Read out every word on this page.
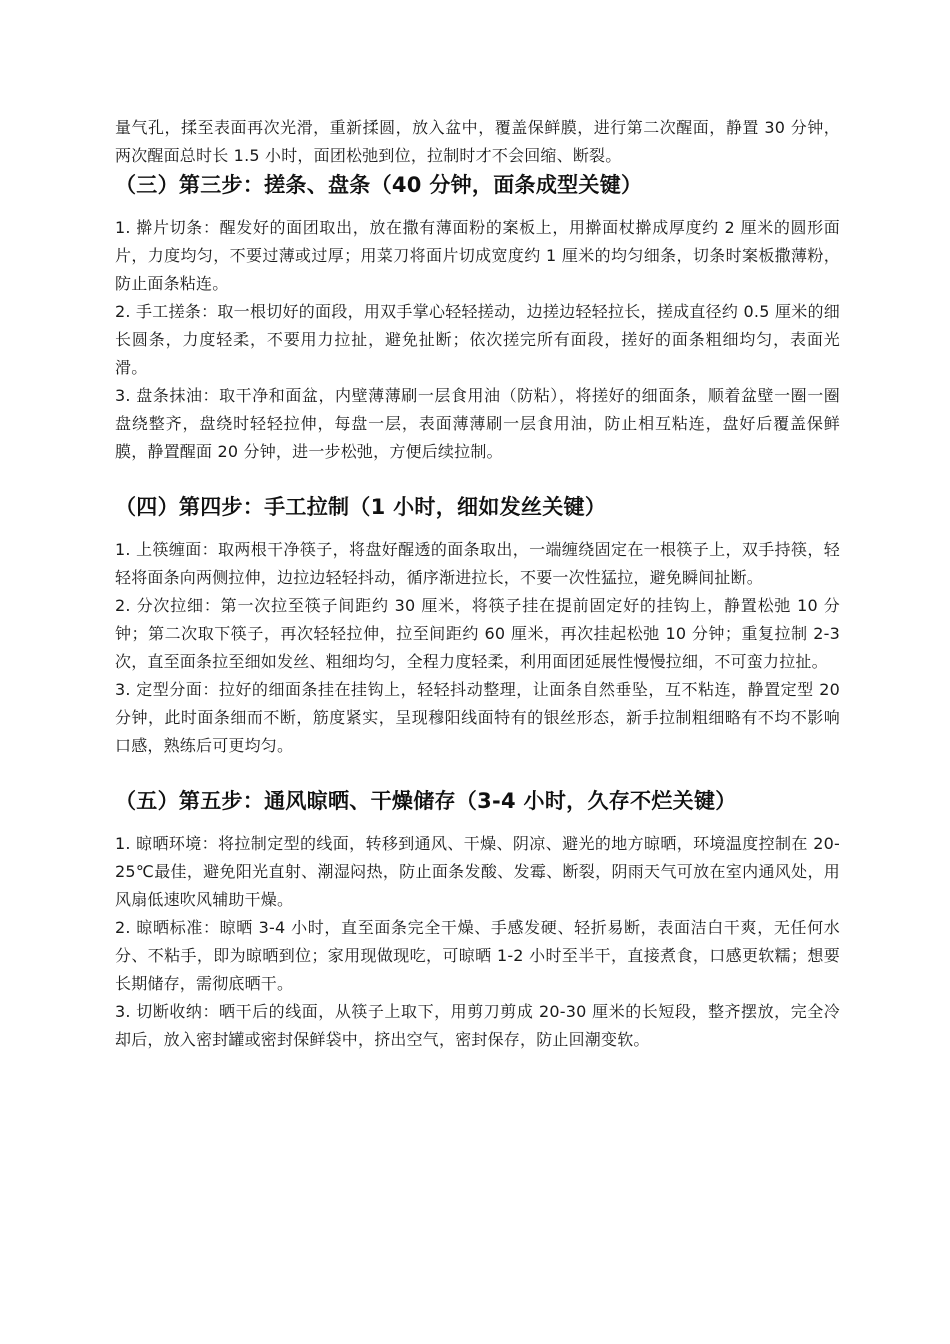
量气孔，揉至表面再次光滑，重新揉圆，放入盆中，覆盖保鲜膜，进行第二次醒面，静置 30 分钟，两次醒面总时长 1.5 小时，面团松弛到位，拉制时才不会回缩、断裂。

（三）第三步：搓条、盘条（40 分钟，面条成型关键）

1. 擀片切条：醒发好的面团取出，放在撒有薄面粉的案板上，用擀面杖擀成厚度约 2 厘米的圆形面片，力度均匀，不要过薄或过厚；用菜刀将面片切成宽度约 1 厘米的均匀细条，切条时案板撒薄粉，防止面条粘连。

2. 手工搓条：取一根切好的面段，用双手掌心轻轻搓动，边搓边轻轻拉长，搓成直径约 0.5 厘米的细长圆条，力度轻柔，不要用力拉扯，避免扯断；依次搓完所有面段，搓好的面条粗细均匀，表面光滑。

3. 盘条抹油：取干净和面盆，内壁薄薄刷一层食用油（防粘），将搓好的细面条，顺着盆壁一圈一圈盘绕整齐，盘绕时轻轻拉伸，每盘一层，表面薄薄刷一层食用油，防止相互粘连，盘好后覆盖保鲜膜，静置醒面 20 分钟，进一步松弛，方便后续拉制。

（四）第四步：手工拉制（1 小时，细如发丝关键）

1. 上筷缠面：取两根干净筷子，将盘好醒透的面条取出，一端缠绕固定在一根筷子上，双手持筷，轻轻将面条向两侧拉伸，边拉边轻轻抖动，循序渐进拉长，不要一次性猛拉，避免瞬间扯断。

2. 分次拉细：第一次拉至筷子间距约 30 厘米，将筷子挂在提前固定好的挂钩上，静置松弛 10 分钟；第二次取下筷子，再次轻轻拉伸，拉至间距约 60 厘米，再次挂起松弛 10 分钟；重复拉制 2-3 次，直至面条拉至细如发丝、粗细均匀，全程力度轻柔，利用面团延展性慢慢拉细，不可蛮力拉扯。

3. 定型分面：拉好的细面条挂在挂钩上，轻轻抖动整理，让面条自然垂坠，互不粘连，静置定型 20 分钟，此时面条细而不断，筋度紧实，呈现穆阳线面特有的银丝形态，新手拉制粗细略有不均不影响口感，熟练后可更均匀。

（五）第五步：通风晾晒、干燥储存（3-4 小时，久存不烂关键）

1. 晾晒环境：将拉制定型的线面，转移到通风、干燥、阴凉、避光的地方晾晒，环境温度控制在 20-25℃最佳，避免阳光直射、潮湿闷热，防止面条发酸、发霉、断裂，阴雨天气可放在室内通风处，用风扇低速吹风辅助干燥。

2. 晾晒标准：晾晒 3-4 小时，直至面条完全干燥、手感发硬、轻折易断，表面洁白干爽，无任何水分、不粘手，即为晾晒到位；家用现做现吃，可晾晒 1-2 小时至半干，直接煮食，口感更软糯；想要长期储存，需彻底晒干。

3. 切断收纳：晒干后的线面，从筷子上取下，用剪刀剪成 20-30 厘米的长短段，整齐摆放，完全冷却后，放入密封罐或密封保鲜袋中，挤出空气，密封保存，防止回潮变软。
